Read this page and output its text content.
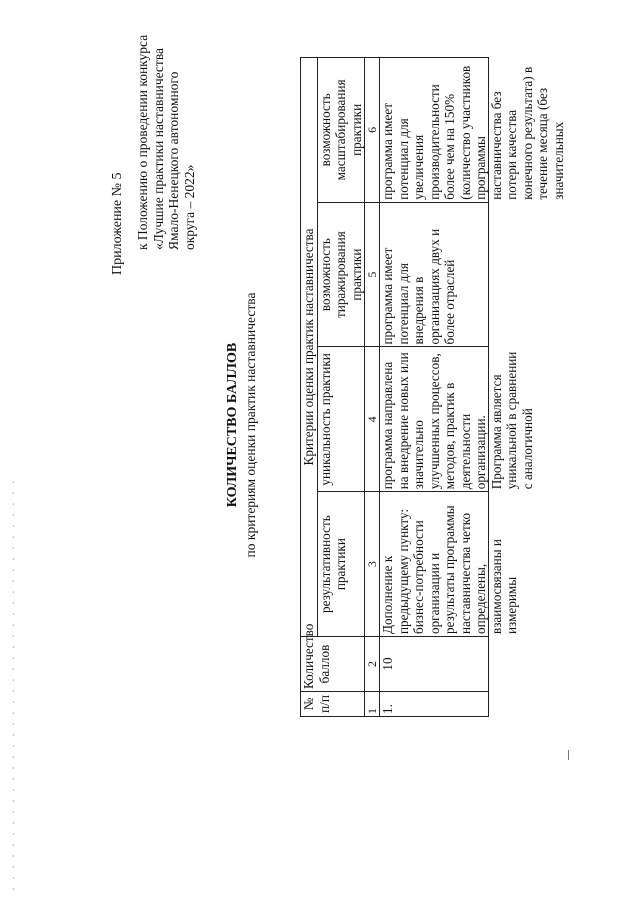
· · · · · · · · · · · · · · · · · · · · · · · · · · · · · · · · · · · · · ·
Приложение № 5 к Положению о проведении конкурса «Лучшие практики наставничества Ямало-Ненецкого автономного округа – 2022»
КОЛИЧЕСТВО БАЛЛОВ по критериям оценки практик наставничества
№ п/п	Количество баллов	Критерии оценки практик наставничества			
		результативность практики	уникальность практики	возможность тиражирования практики	возможность масштабирования практики
1	2	3	4	5	6

1.	10	Дополнение к предыдущему пункту: бизнес-потребности организации и результаты программы наставничества четко определены, взаимосвязаны и измеримы	программа направлена на внедрение новых или значительно улучшенных процессов, методов, практик в деятельности организации. Программа является уникальной в сравнении с аналогичной	программа имеет потенциал для внедрения в организациях двух и более отраслей	программа имеет потенциал для увеличения производительности более чем на 150% (количество участников программы наставничества без потери качества конечного результата) в течение месяца (без значительных
